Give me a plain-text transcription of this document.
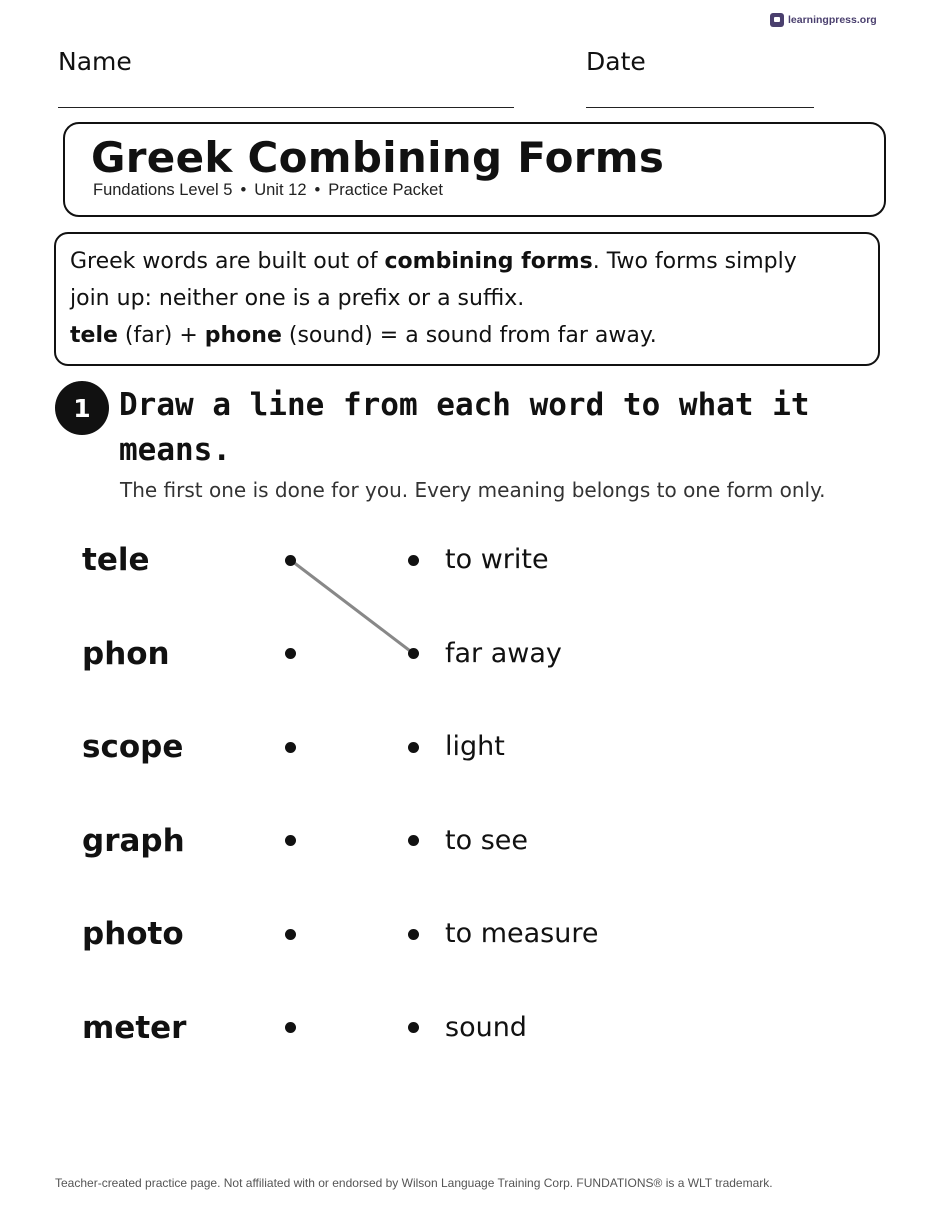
learningpress.org
Name	Date
Greek Combining Forms
Fundations Level 5 • Unit 12 • Practice Packet

Greek words are built out of combining forms. Two forms simply

join up: neither one is a prefix or a suffix.

tele (far) + phone (sound) = a sound from far away.

1 Draw a line from each word to what it means.
The first one is done for you. Every meaning belongs to one form only.
tele	to write
phon	far away
scope	light
graph	to see
photo	to measure
meter	sound
Teacher-created practice page. Not affiliated with or endorsed by Wilson Language Training Corp. FUNDATIONS® is a WLT trademark.
